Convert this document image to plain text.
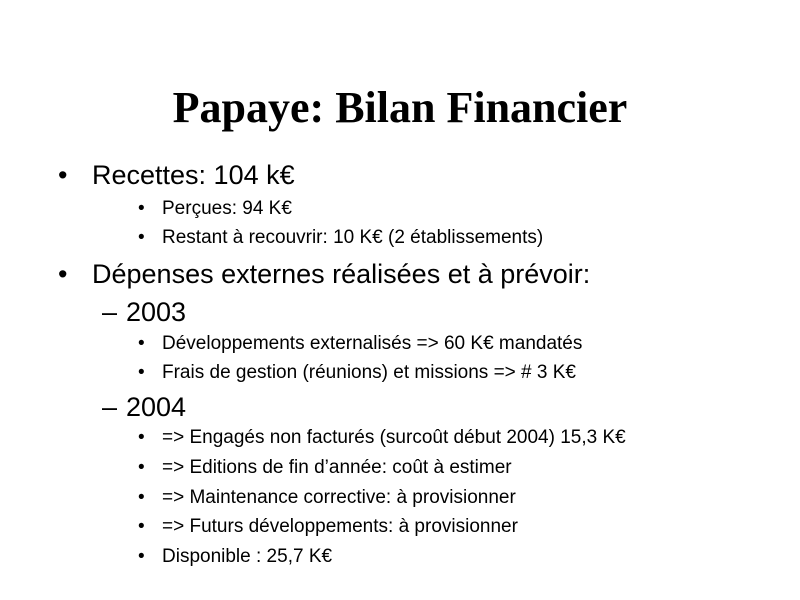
Papaye: Bilan Financier
• Recettes: 104 k€
• Perçues: 94 K€
• Restant à recouvrir: 10 K€ (2 établissements)
• Dépenses externes réalisées et à prévoir:
– 2003
• Développements externalisés => 60 K€ mandatés
• Frais de gestion (réunions) et missions => # 3 K€
– 2004
• => Engagés non facturés (surcoût début 2004) 15,3 K€
• => Editions de fin d’année: coût à estimer
• => Maintenance corrective: à provisionner
• => Futurs développements: à provisionner
• Disponible : 25,7 K€
